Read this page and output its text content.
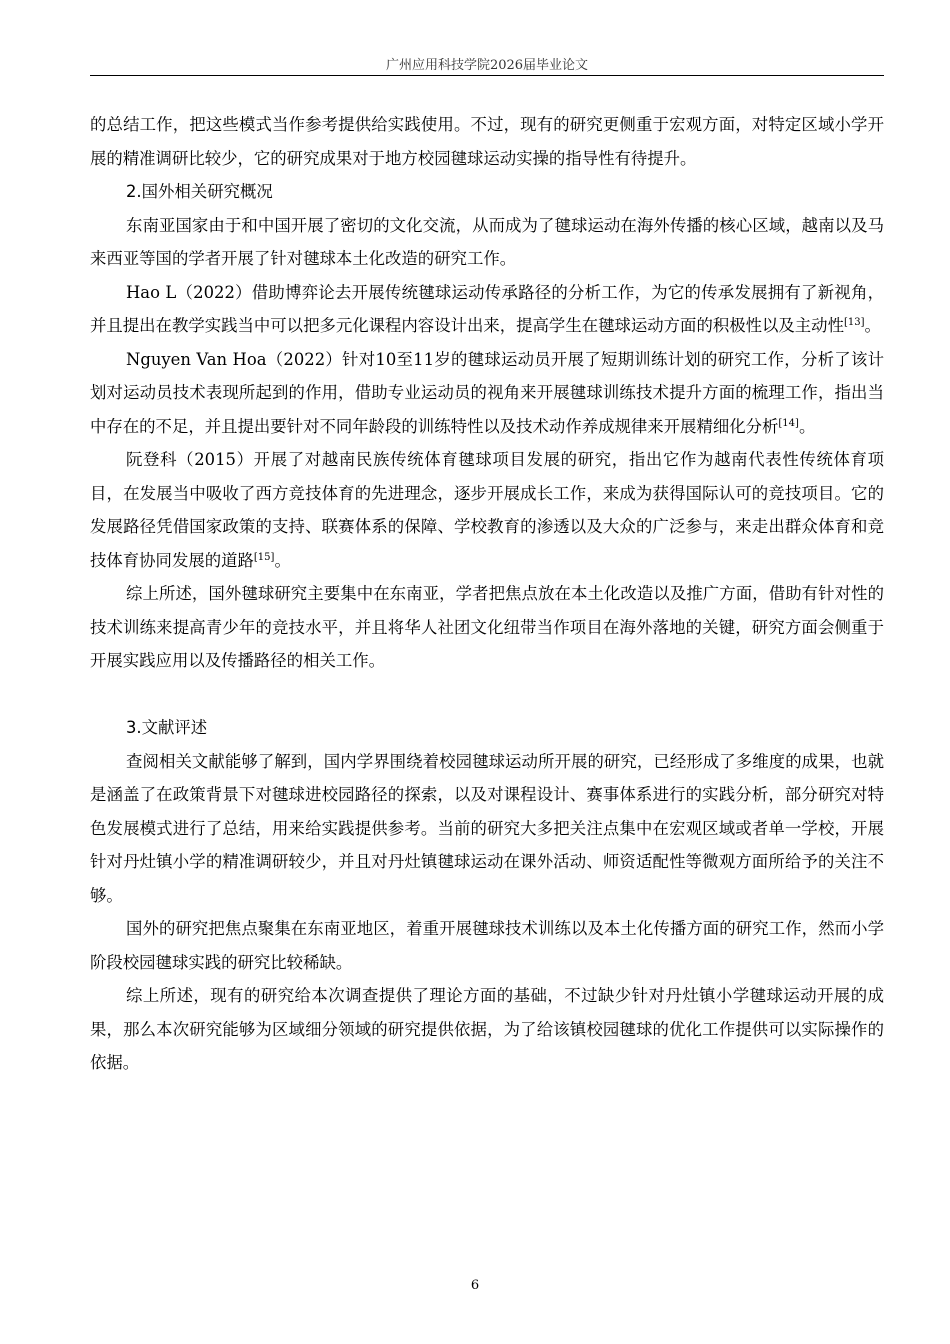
广州应用科技学院2026届毕业论文

的总结工作，把这些模式当作参考提供给实践使用。不过，现有的研究更侧重于宏观方面，对特定区域小学开展的精准调研比较少，它的研究成果对于地方校园毽球运动实操的指导性有待提升。

2.国外相关研究概况

东南亚国家由于和中国开展了密切的文化交流，从而成为了毽球运动在海外传播的核心区域，越南以及马来西亚等国的学者开展了针对毽球本土化改造的研究工作。

Hao L（2022）借助博弈论去开展传统毽球运动传承路径的分析工作，为它的传承发展拥有了新视角，并且提出在教学实践当中可以把多元化课程内容设计出来，提高学生在毽球运动方面的积极性以及主动性[13]。

Nguyen Van Hoa（2022）针对10至11岁的毽球运动员开展了短期训练计划的研究工作，分析了该计划对运动员技术表现所起到的作用，借助专业运动员的视角来开展毽球训练技术提升方面的梳理工作，指出当中存在的不足，并且提出要针对不同年龄段的训练特性以及技术动作养成规律来开展精细化分析[14]。

阮登科（2015）开展了对越南民族传统体育毽球项目发展的研究，指出它作为越南代表性传统体育项目，在发展当中吸收了西方竞技体育的先进理念，逐步开展成长工作，来成为获得国际认可的竞技项目。它的发展路径凭借国家政策的支持、联赛体系的保障、学校教育的渗透以及大众的广泛参与，来走出群众体育和竞技体育协同发展的道路[15]。

综上所述，国外毽球研究主要集中在东南亚，学者把焦点放在本土化改造以及推广方面，借助有针对性的技术训练来提高青少年的竞技水平，并且将华人社团文化纽带当作项目在海外落地的关键，研究方面会侧重于开展实践应用以及传播路径的相关工作。

3.文献评述

查阅相关文献能够了解到，国内学界围绕着校园毽球运动所开展的研究，已经形成了多维度的成果，也就是涵盖了在政策背景下对毽球进校园路径的探索，以及对课程设计、赛事体系进行的实践分析，部分研究对特色发展模式进行了总结，用来给实践提供参考。当前的研究大多把关注点集中在宏观区域或者单一学校，开展针对丹灶镇小学的精准调研较少，并且对丹灶镇毽球运动在课外活动、师资适配性等微观方面所给予的关注不够。

国外的研究把焦点聚集在东南亚地区，着重开展毽球技术训练以及本土化传播方面的研究工作，然而小学阶段校园毽球实践的研究比较稀缺。

综上所述，现有的研究给本次调查提供了理论方面的基础，不过缺少针对丹灶镇小学毽球运动开展的成果，那么本次研究能够为区域细分领域的研究提供依据，为了给该镇校园毽球的优化工作提供可以实际操作的依据。

6
